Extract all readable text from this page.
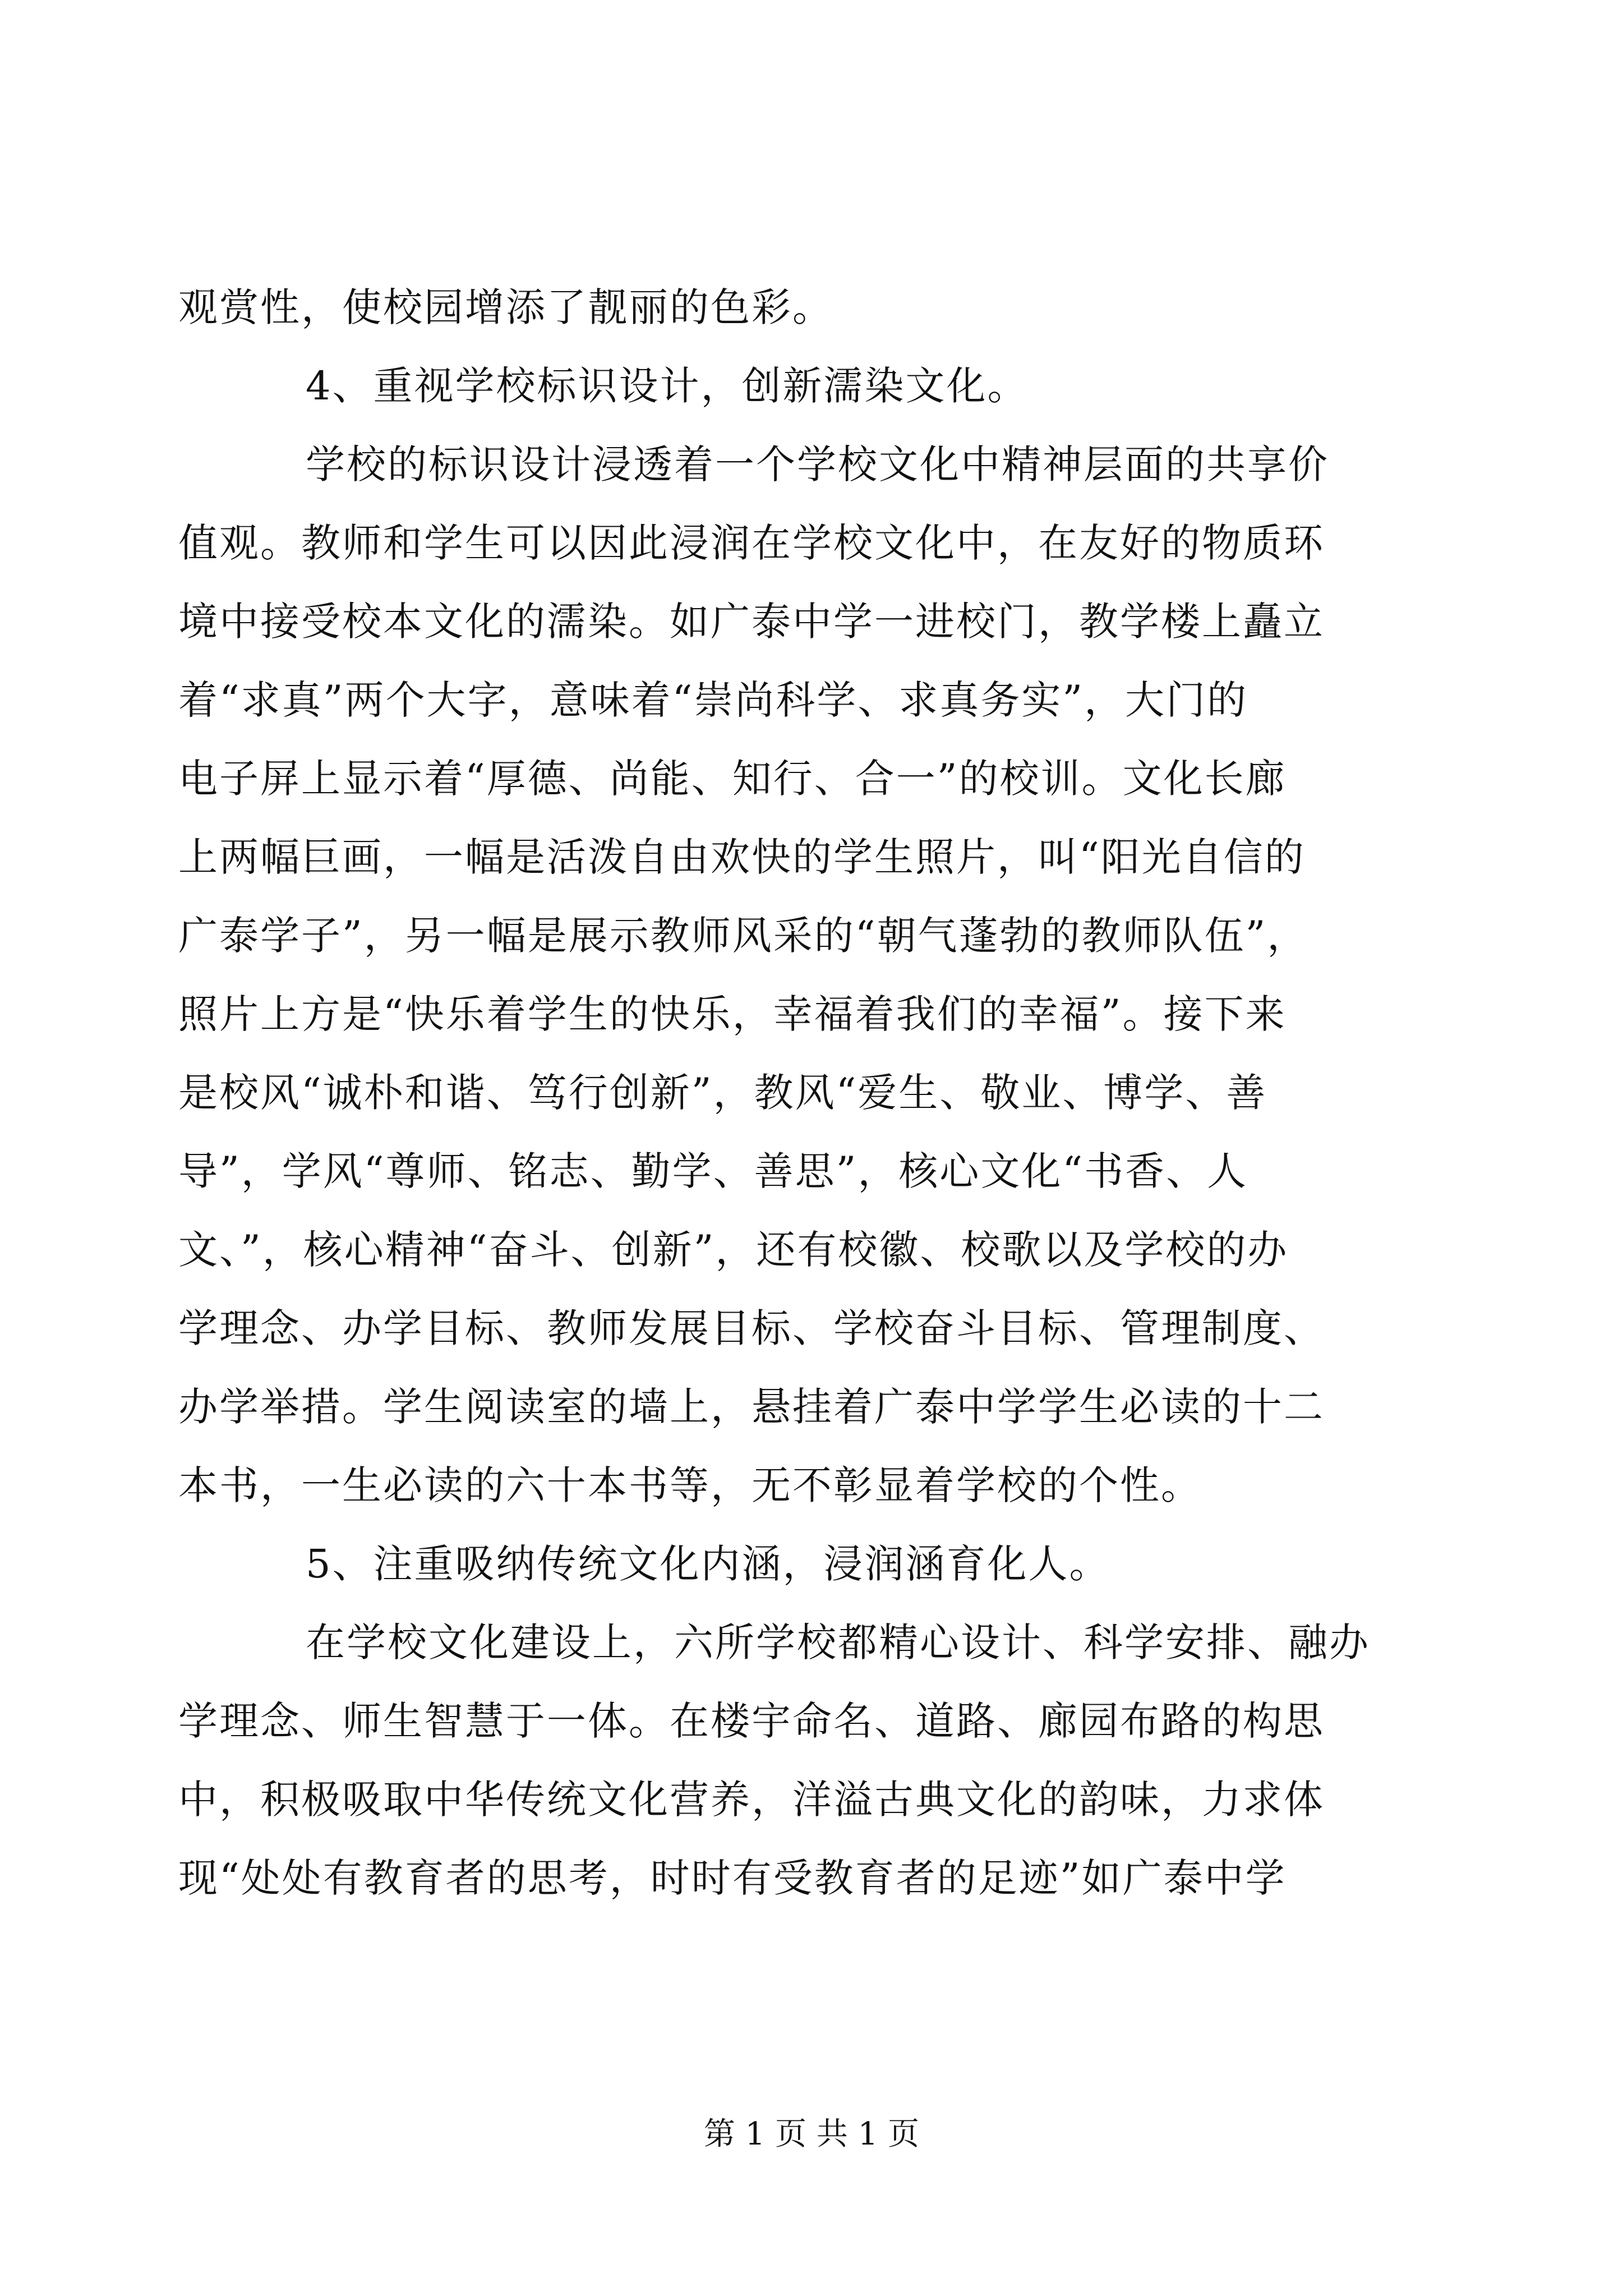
观赏性，使校园增添了靓丽的色彩。
4、重视学校标识设计，创新濡染文化。
学校的标识设计浸透着一个学校文化中精神层面的共享价
值观。教师和学生可以因此浸润在学校文化中，在友好的物质环
境中接受校本文化的濡染。如广泰中学一进校门，教学楼上矗立
着“求真”两个大字，意味着“崇尚科学、求真务实”，大门的
电子屏上显示着“厚德、尚能、知行、合一”的校训。文化长廊
上两幅巨画，一幅是活泼自由欢快的学生照片，叫“阳光自信的
广泰学子”，另一幅是展示教师风采的“朝气蓬勃的教师队伍”，
照片上方是“快乐着学生的快乐，幸福着我们的幸福”。接下来
是校风“诚朴和谐、笃行创新”，教风“爱生、敬业、博学、善
导”，学风“尊师、铭志、勤学、善思”，核心文化“书香、人
文、”，核心精神“奋斗、创新”，还有校徽、校歌以及学校的办
学理念、办学目标、教师发展目标、学校奋斗目标、管理制度、
办学举措。学生阅读室的墙上，悬挂着广泰中学学生必读的十二
本书，一生必读的六十本书等，无不彰显着学校的个性。
5、注重吸纳传统文化内涵，浸润涵育化人。
在学校文化建设上，六所学校都精心设计、科学安排、融办
学理念、师生智慧于一体。在楼宇命名、道路、廊园布路的构思
中，积极吸取中华传统文化营养，洋溢古典文化的韵味，力求体
现“处处有教育者的思考，时时有受教育者的足迹”如广泰中学
第 1 页 共 1 页
